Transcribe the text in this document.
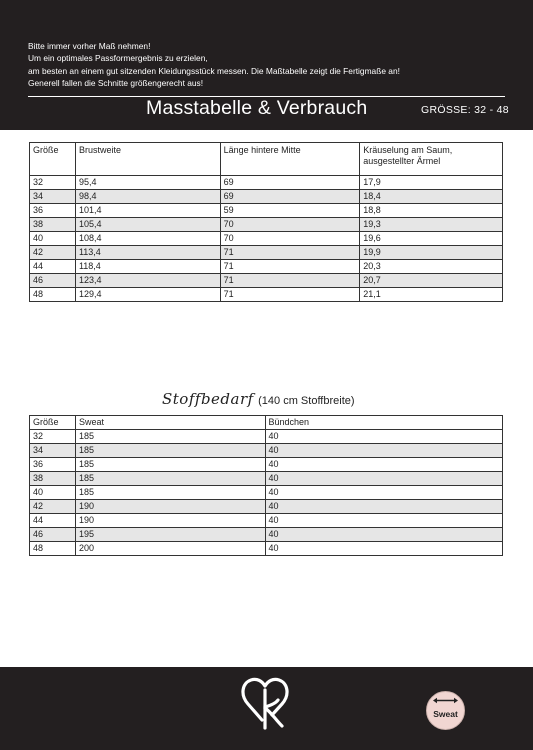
Bitte immer vorher Maß nehmen!
Um ein optimales Passformergebnis zu erzielen,
am besten an einem gut sitzenden Kleidungsstück messen. Die Maßtabelle zeigt die Fertigmaße an!
Generell fallen die Schnitte größengerecht aus!
Masstabelle & Verbrauch	GRÖSSE: 32 - 48
Größe	Brustweite	Länge hintere Mitte	Kräuselung am Saum, ausgestellter Ärmel
32	95,4	69	17,9
34	98,4	69	18,4
36	101,4	59	18,8
38	105,4	70	19,3
40	108,4	70	19,6
42	113,4	71	19,9
44	118,4	71	20,3
46	123,4	71	20,7
48	129,4	71	21,1
Stoffbedarf (140 cm Stoffbreite)
Größe	Sweat	Bündchen
32	185	40
34	185	40
36	185	40
38	185	40
40	185	40
42	190	40
44	190	40
46	195	40
48	200	40
Sweat
